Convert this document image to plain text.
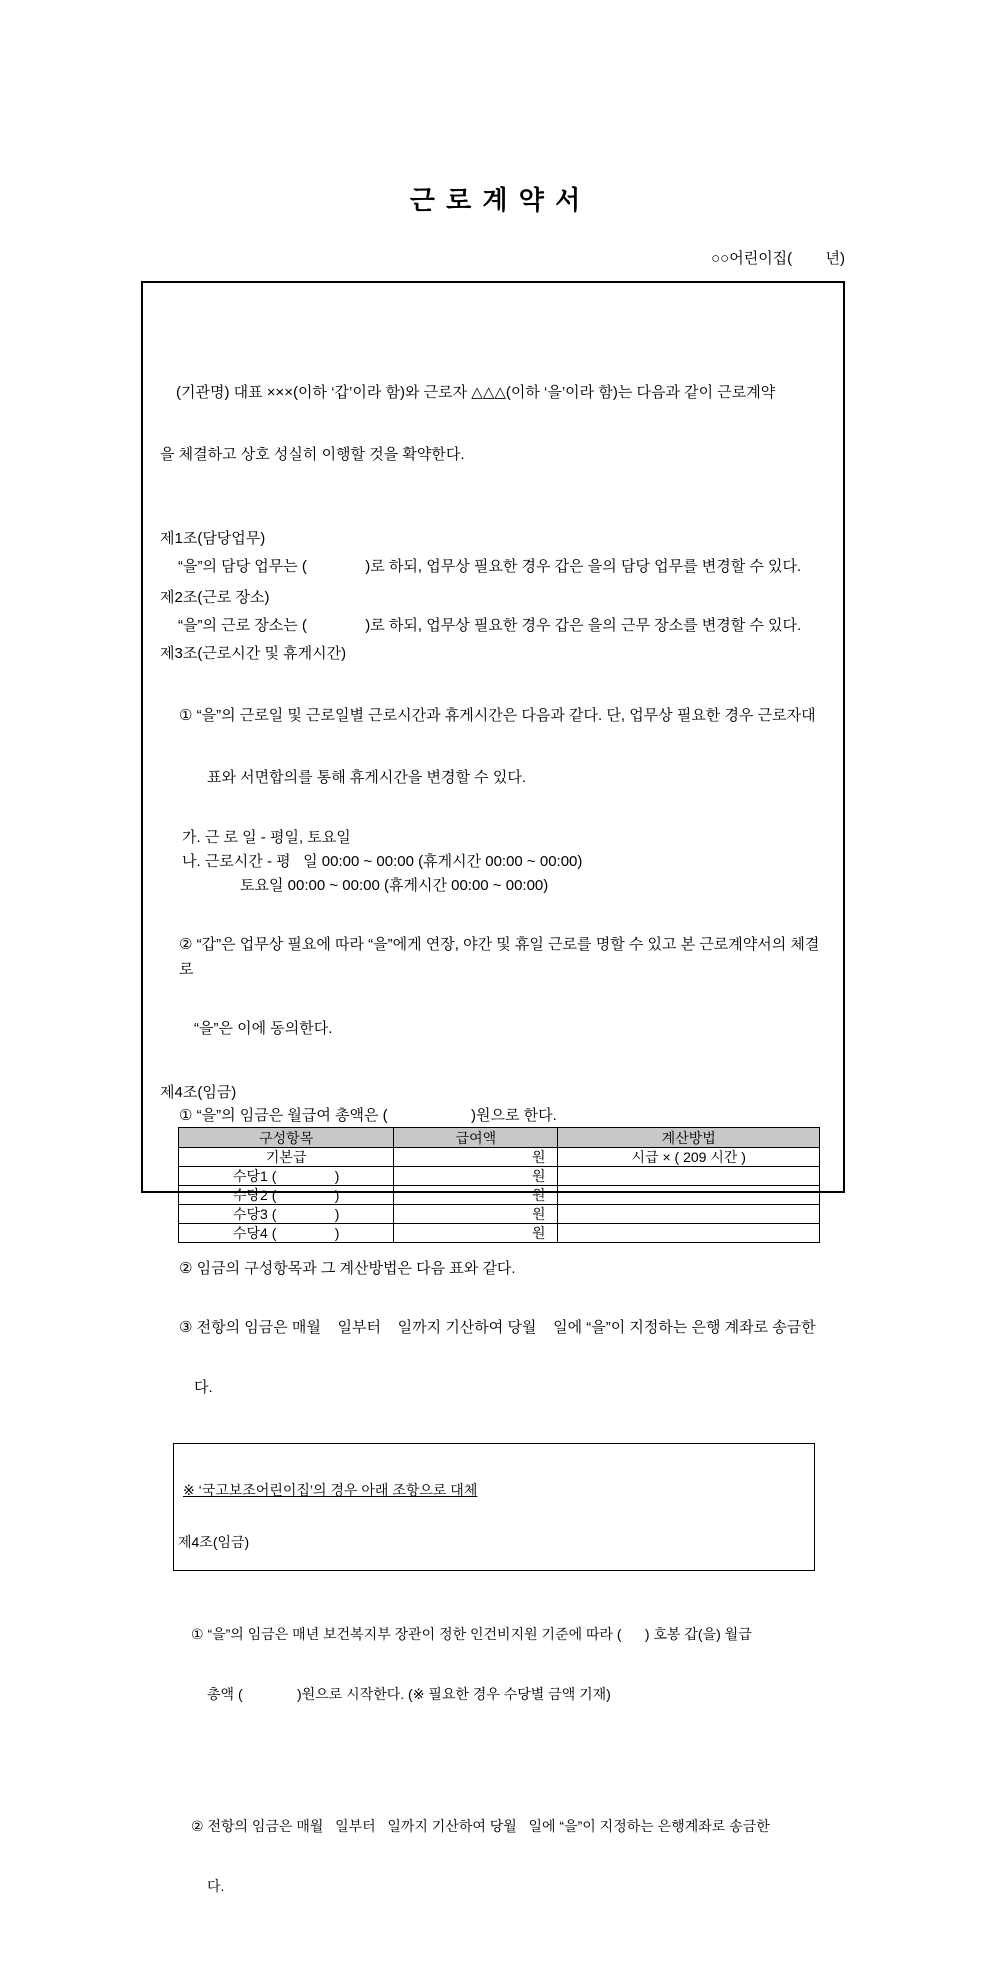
근 로 계 약 서
○○어린이집(        년)

(기관명) 대표 ×××(이하 ‘갑’이라 함)와 근로자 △△△(이하 ‘을’이라 함)는 다음과 같이 근로계약

을 체결하고 상호 성실히 이행할 것을 확약한다.

제1조(담당업무)
“을”의 담당 업무는 (              )로 하되, 업무상 필요한 경우 갑은 을의 담당 업무를 변경할 수 있다.
제2조(근로 장소)
“을”의 근로 장소는 (              )로 하되, 업무상 필요한 경우 갑은 을의 근무 장소를 변경할 수 있다.
제3조(근로시간 및 휴게시간)

① “을”의 근로일 및 근로일별 근로시간과 휴게시간은 다음과 같다. 단, 업무상 필요한 경우 근로자대

표와 서면합의를 통해 휴게시간을 변경할 수 있다.

가. 근 로 일 - 평일, 토요일
나. 근로시간 - 평   일 00:00 ~ 00:00 (휴게시간 00:00 ~ 00:00)
토요일 00:00 ~ 00:00 (휴게시간 00:00 ~ 00:00)

② “갑”은 업무상 필요에 따라 “을”에게 연장, 야간 및 휴일 근로를 명할 수 있고 본 근로계약서의 체결로

“을”은 이에 동의한다.

제4조(임금)
① “을”의 임금은 월급여 총액은 (                    )원으로 한다.
구성항목	급여액	계산방법
기본급	원	시급 × ( 209 시간 )
수당1 (               )	원	
수당2 (               )	원	
수당3 (               )	원	
수당4 (               )	원	
② 임금의 구성항목과 그 계산방법은 다음 표와 같다.

③ 전항의 임금은 매월    일부터    일까지 기산하여 당월    일에 “을”이 지정하는 은행 계좌로 송금한

다.

※ ‘국고보조어린이집’의 경우 아래 조항으로 대체

제4조(임금)

① “을”의 임금은 매년 보건복지부 장관이 정한 인건비지원 기준에 따라 (      ) 호봉 갑(을) 월급

총액 (              )원으로 시작한다. (※ 필요한 경우 수당별 금액 기재)

② 전항의 임금은 매월   일부터   일까지 기산하여 당월   일에 “을”이 지정하는 은행계좌로 송금한

다.
